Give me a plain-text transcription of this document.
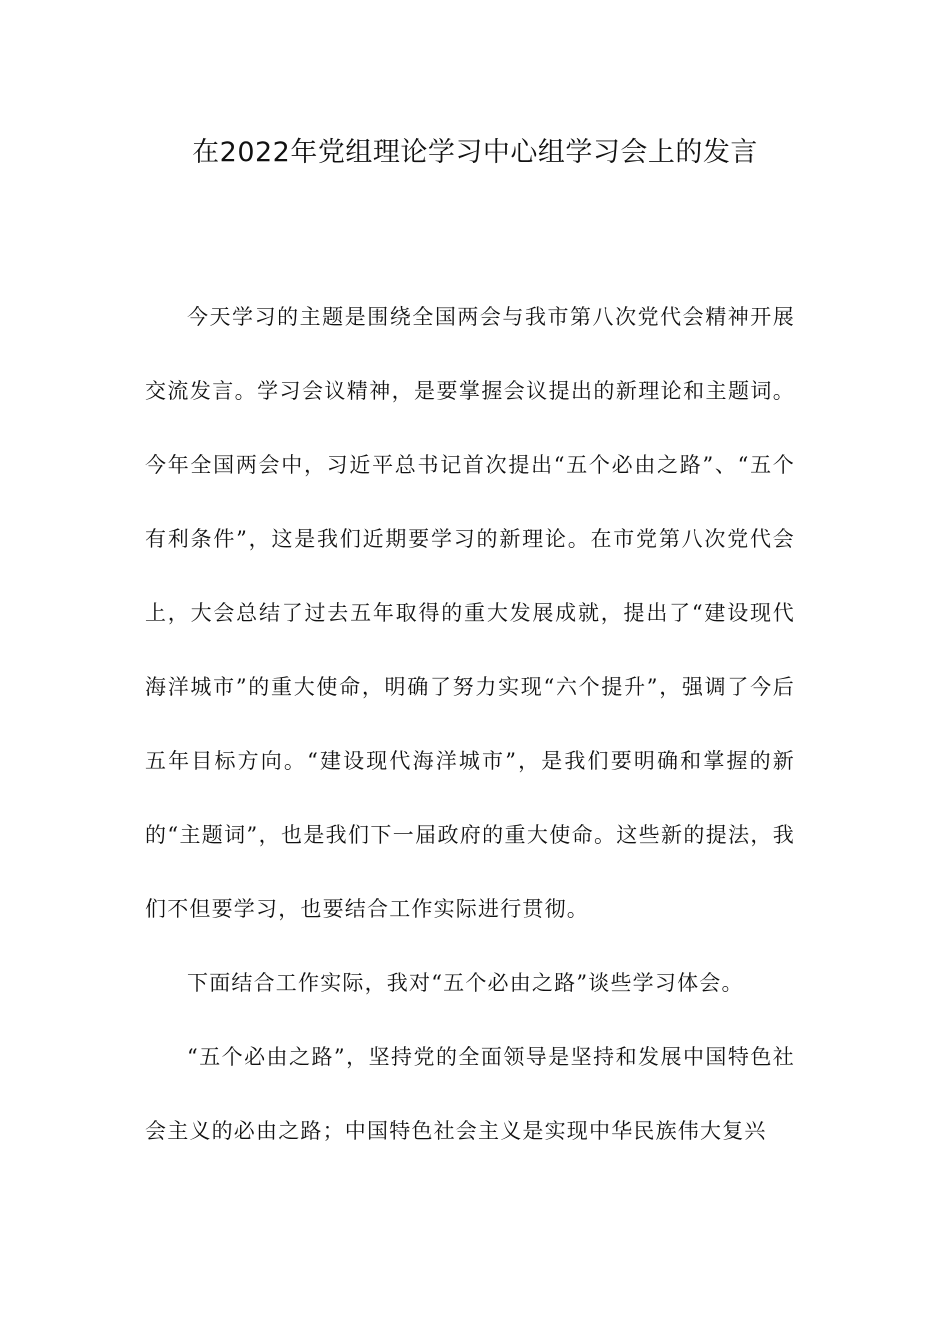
在2022年党组理论学习中心组学习会上的发言

今天学习的主题是围绕全国两会与我市第八次党代会精神开展交流发言。学习会议精神，是要掌握会议提出的新理论和主题词。今年全国两会中，习近平总书记首次提出“五个必由之路”、“五个有利条件”，这是我们近期要学习的新理论。在市党第八次党代会上，大会总结了过去五年取得的重大发展成就，提出了“建设现代海洋城市”的重大使命，明确了努力实现“六个提升”，强调了今后五年目标方向。“建设现代海洋城市”，是我们要明确和掌握的新的“主题词”，也是我们下一届政府的重大使命。这些新的提法，我们不但要学习，也要结合工作实际进行贯彻。

下面结合工作实际，我对“五个必由之路”谈些学习体会。

“五个必由之路”，坚持党的全面领导是坚持和发展中国特色社会主义的必由之路；中国特色社会主义是实现中华民族伟大复兴
